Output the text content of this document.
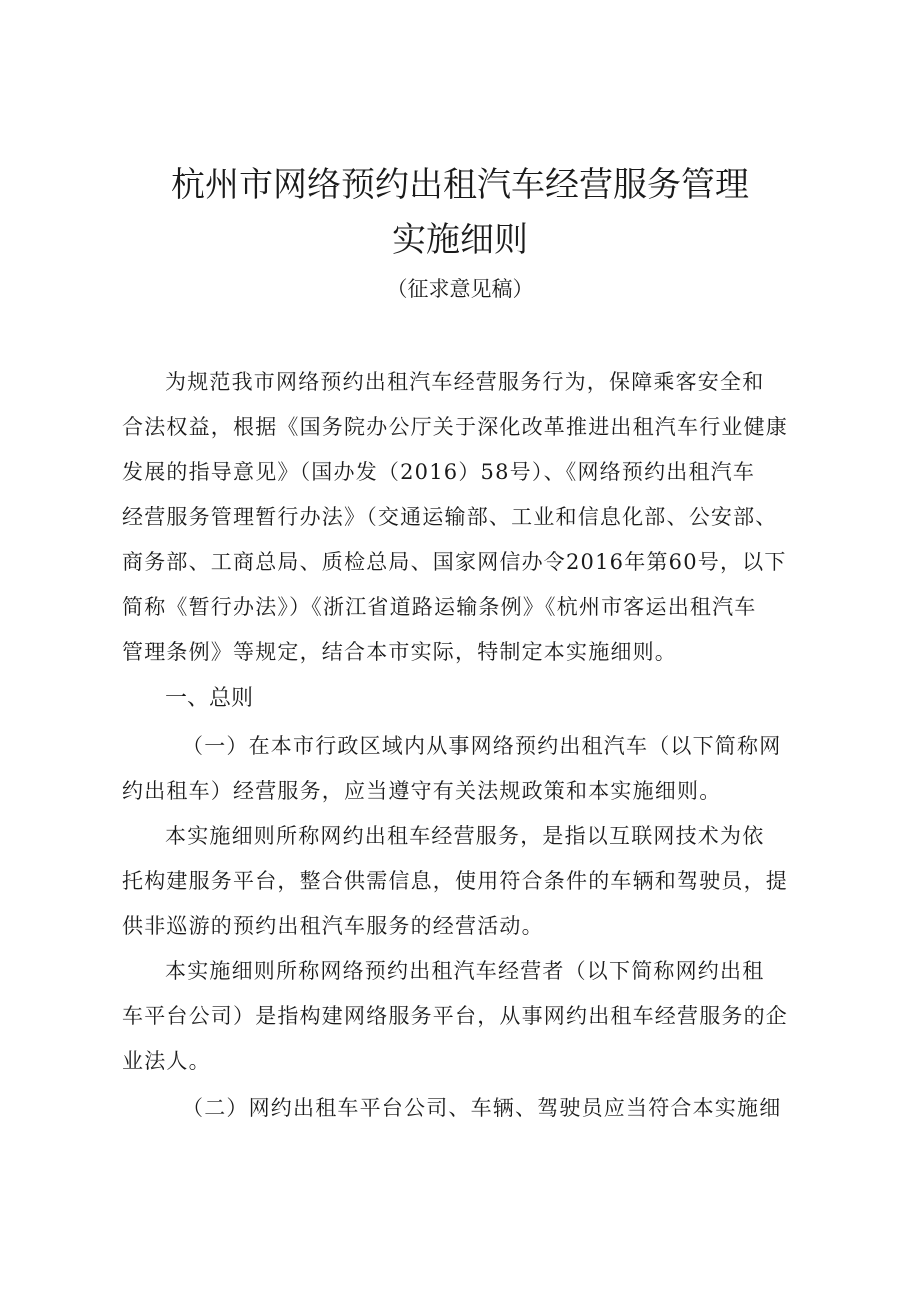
杭州市网络预约出租汽车经营服务管理
实施细则
（征求意见稿）
为规范我市网络预约出租汽车经营服务行为，保障乘客安全和
合法权益，根据《国务院办公厅关于深化改革推进出租汽车行业健康
发展的指导意见》（国办发（2016）58号）、《网络预约出租汽车
经营服务管理暂行办法》（交通运输部、工业和信息化部、公安部、
商务部、工商总局、质检总局、国家网信办令2016年第60号，以下
简称《暂行办法》）《浙江省道路运输条例》《杭州市客运出租汽车
管理条例》等规定，结合本市实际，特制定本实施细则。
一、总则
（一）在本市行政区域内从事网络预约出租汽车（以下简称网
约出租车）经营服务，应当遵守有关法规政策和本实施细则。
本实施细则所称网约出租车经营服务，是指以互联网技术为依
托构建服务平台，整合供需信息，使用符合条件的车辆和驾驶员，提
供非巡游的预约出租汽车服务的经营活动。
本实施细则所称网络预约出租汽车经营者（以下简称网约出租
车平台公司）是指构建网络服务平台，从事网约出租车经营服务的企
业法人。
（二）网约出租车平台公司、车辆、驾驶员应当符合本实施细
